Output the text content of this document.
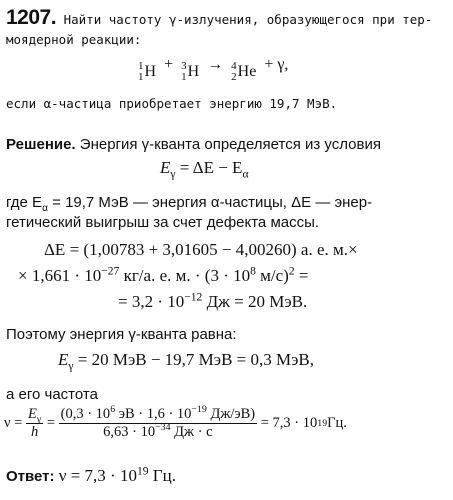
1207. Найти частоту γ-излучения, образующегося при тер-
моядерной реакции:
1
1 H + 3
1 H → 4
2 He + γ,
если α-частица приобретает энергию 19,7 МэВ.
Решение. Энергия γ-кванта определяется из условия
$E_\gamma = \Delta E - E_\alpha$
где $E_\alpha = 19,7$ МэВ — энергия α-частицы, ΔE — энер-
гетический выигрыш за счет дефекта массы.
ΔE = (1,00783 + 3,01605 − 4,00260) а. е. м.×
× $1,661 \cdot 10^{-27}$ кг/а. е. м. · ($3 \cdot 10^8$ м/с)$^2$ =
= $3,2 \cdot 10^{-12}$ Дж = 20 МэВ.
Поэтому энергия γ-кванта равна:
$E_\gamma = 20$ МэВ − 19,7 МэВ = 0,3 МэВ,
а его частота
ν =
$\frac{E_\gamma}{h}$
=
$\frac{(0,3 \cdot 10^6 эВ \cdot 1,6 \cdot 10^{-19} Дж/эВ)}{6,63 \cdot 10^{-34} Дж \cdot с}$
= 7,3 · 10 19 Гц.
Ответ: $\nu = 7,3 \cdot 10^{19}$ Гц.
